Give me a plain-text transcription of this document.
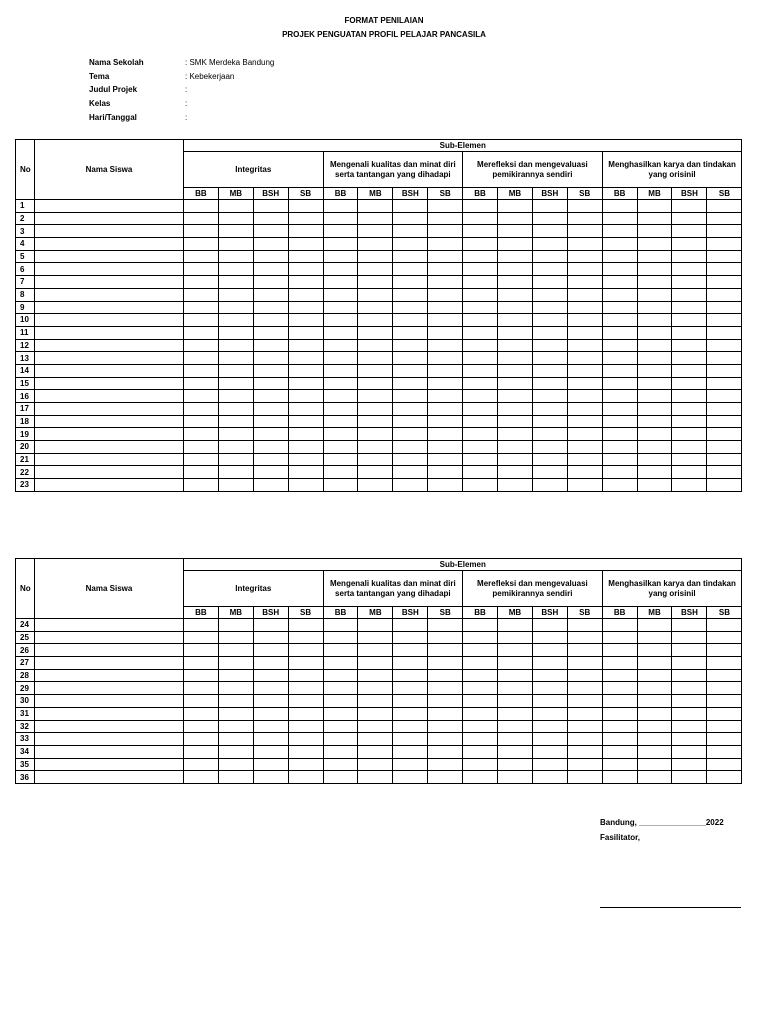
FORMAT PENILAIAN
PROJEK PENGUATAN PROFIL PELAJAR PANCASILA
Nama Sekolah	: SMK Merdeka Bandung
Tema	: Kebekerjaan
Judul Projek	:
Kelas	:
Hari/Tanggal	:
No	Nama Siswa	Sub-Elemen															
		Integritas				Mengenali kualitas dan minat diri serta tantangan yang dihadapi				Merefleksi dan mengevaluasi pemikirannya sendiri				Menghasilkan karya dan tindakan yang orisinil			
		BB	MB	BSH	SB	BB	MB	BSH	SB	BB	MB	BSH	SB	BB	MB	BSH	SB
1																	
2																	
3																	
4																	
5																	
6																	
7																	
8																	
9																	
10																	
11																	
12																	
13																	
14																	
15																	
16																	
17																	
18																	
19																	
20																	
21																	
22																	
23																	
No	Nama Siswa	Sub-Elemen															
		Integritas				Mengenali kualitas dan minat diri serta tantangan yang dihadapi				Merefleksi dan mengevaluasi pemikirannya sendiri				Menghasilkan karya dan tindakan yang orisinil			
		BB	MB	BSH	SB	BB	MB	BSH	SB	BB	MB	BSH	SB	BB	MB	BSH	SB
24																	
25																	
26																	
27																	
28																	
29																	
30																	
31																	
32																	
33																	
34																	
35																	
36																	
Bandung, _______________2022
Fasilitator,
